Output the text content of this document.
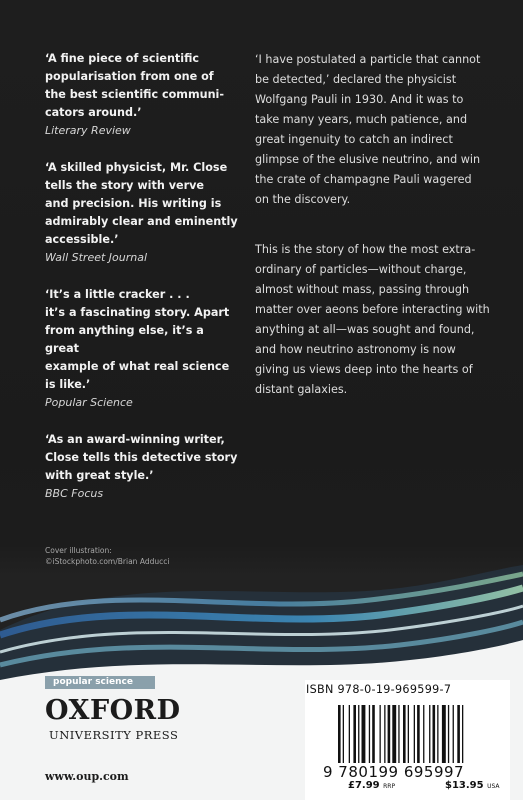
‘A fine piece of scientific
popularisation from one of
the best scientific communi-
cators around.’

Literary Review

‘A skilled physicist, Mr. Close
tells the story with verve
and precision. His writing is
admirably clear and eminently
accessible.’

Wall Street Journal

‘It’s a little cracker . . .
it’s a fascinating story. Apart
from anything else, it’s a great
example of what real science
is like.’

Popular Science

‘As an award-winning writer,
Close tells this detective story
with great style.’

BBC Focus

‘I have postulated a particle that cannot
be detected,’ declared the physicist
Wolfgang Pauli in 1930. And it was to
take many years, much patience, and
great ingenuity to catch an indirect
glimpse of the elusive neutrino, and win
the crate of champagne Pauli wagered
on the discovery.

This is the story of how the most extra-
ordinary of particles—without charge,
almost without mass, passing through
matter over aeons before interacting with
anything at all—was sought and found,
and how neutrino astronomy is now
giving us views deep into the hearts of
distant galaxies.

Cover illustration:
©iStockphoto.com/Brian Adducci
popular science
OXFORD
UNIVERSITY PRESS
www.oup.com
ISBN 978-0-19-969599-7
9 780199 695997
£7.99 RRP	$13.95 USA
